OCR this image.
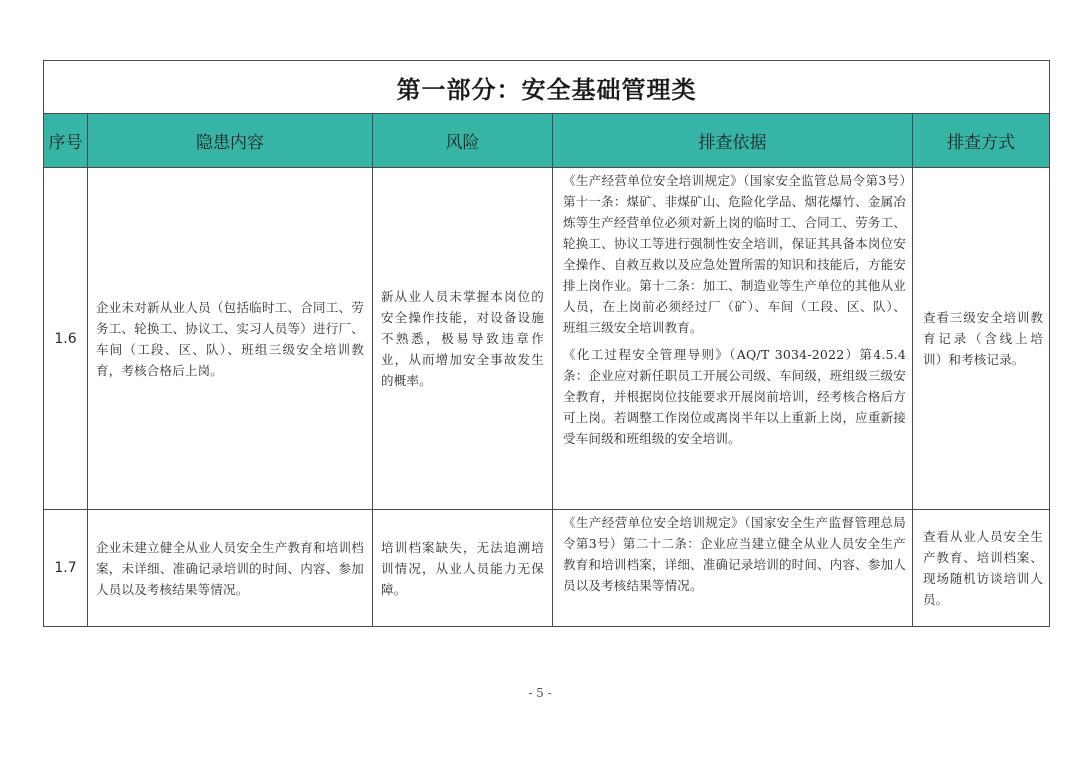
第一部分：安全基础管理类				
序号	隐患内容	风险	排查依据	排查方式
1.6	企业未对新从业人员（包括临时工、合同工、劳务工、轮换工、协议工、实习人员等）进行厂、车间（工段、区、队）、班组三级安全培训教育，考核合格后上岗。	新从业人员未掌握本岗位的安全操作技能，对设备设施不熟悉，极易导致违章作业，从而增加安全事故发生的概率。	《生产经营单位安全培训规定》（国家安全监管总局令第3号）第十一条：煤矿、非煤矿山、危险化学品、烟花爆竹、金属冶炼等生产经营单位必须对新上岗的临时工、合同工、劳务工、轮换工、协议工等进行强制性安全培训，保证其具备本岗位安全操作、自救互救以及应急处置所需的知识和技能后，方能安排上岗作业。第十二条：加工、制造业等生产单位的其他从业人员，在上岗前必须经过厂（矿）、车间（工段、区、队）、班组三级安全培训教育。

《化工过程安全管理导则》（AQ/T 3034-2022）第4.5.4条：企业应对新任职员工开展公司级、车间级，班组级三级安全教育，并根据岗位技能要求开展岗前培训，经考核合格后方可上岗。若调整工作岗位或离岗半年以上重新上岗，应重新接受车间级和班组级的安全培训。	查看三级安全培训教育记录（含线上培训）和考核记录。
1.7	企业未建立健全从业人员安全生产教育和培训档案，未详细、准确记录培训的时间、内容、参加人员以及考核结果等情况。	培训档案缺失，无法追溯培训情况，从业人员能力无保障。	《生产经营单位安全培训规定》（国家安全生产监督管理总局令第3号）第二十二条：企业应当建立健全从业人员安全生产教育和培训档案，详细、准确记录培训的时间、内容、参加人员以及考核结果等情况。	查看从业人员安全生产教育、培训档案、现场随机访谈培训人员。
- 5 -
